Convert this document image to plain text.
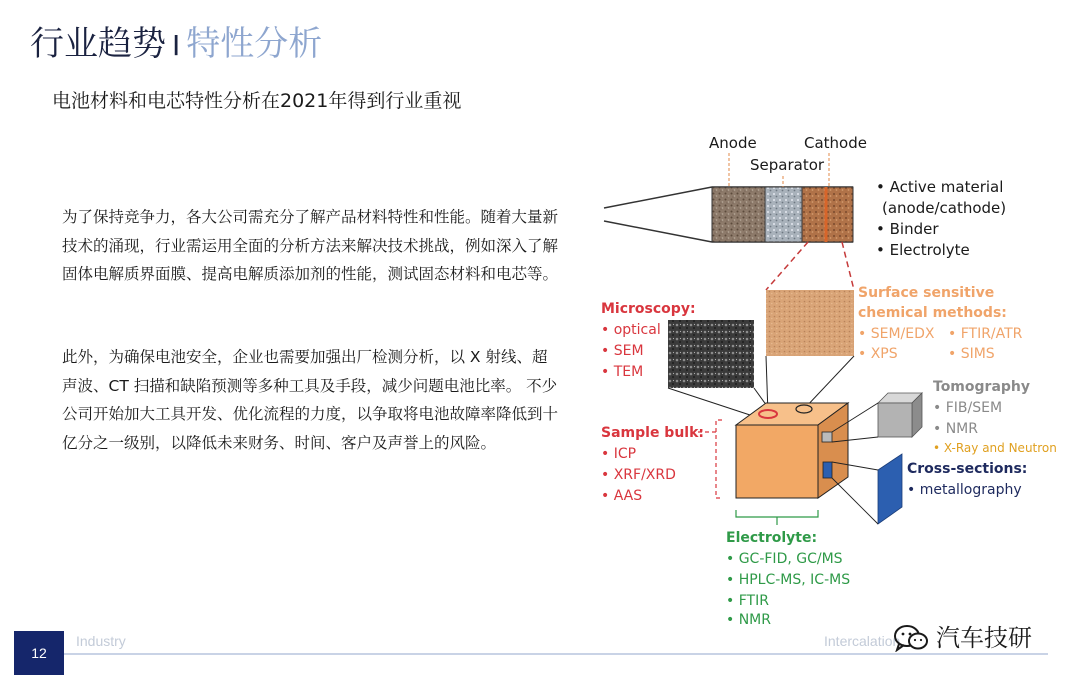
行业趋势 I 特性分析
电池材料和电芯特性分析在2021年得到行业重视

为了保持竞争力，各大公司需充分了解产品材料特性和性能。随着大量新技术的涌现，行业需运用全面的分析方法来解决技术挑战，例如深入了解固体电解质界面膜、提高电解质添加剂的性能，测试固态材料和电芯等。

此外，为确保电池安全，企业也需要加强出厂检测分析，以 X 射线、超声波、CT 扫描和缺陷预测等多种工具及手段，减少问题电池比率。 不少公司开始加大工具开发、优化流程的力度，以争取将电池故障率降低到十亿分之一级别，以降低未来财务、时间、客户及声誉上的风险。

Anode
Separator
Cathode
• Active material
(anode/cathode)
• Binder
• Electrolyte
Surface sensitive
chemical methods:
• SEM/EDX • FTIR/ATR
• XPS	• SIMS
Microscopy:
• optical
• SEM
• TEM
Tomography
• FIB/SEM
• NMR
• X-Ray and Neutron
Cross-sections:
• metallography
Sample bulk:
• ICP
• XRF/XRD
• AAS
Electrolyte:
• GC-FID, GC/MS
• HPLC-MS, IC-MS
• FTIR
• NMR
12
Industry	Intercalation 汽车技研
